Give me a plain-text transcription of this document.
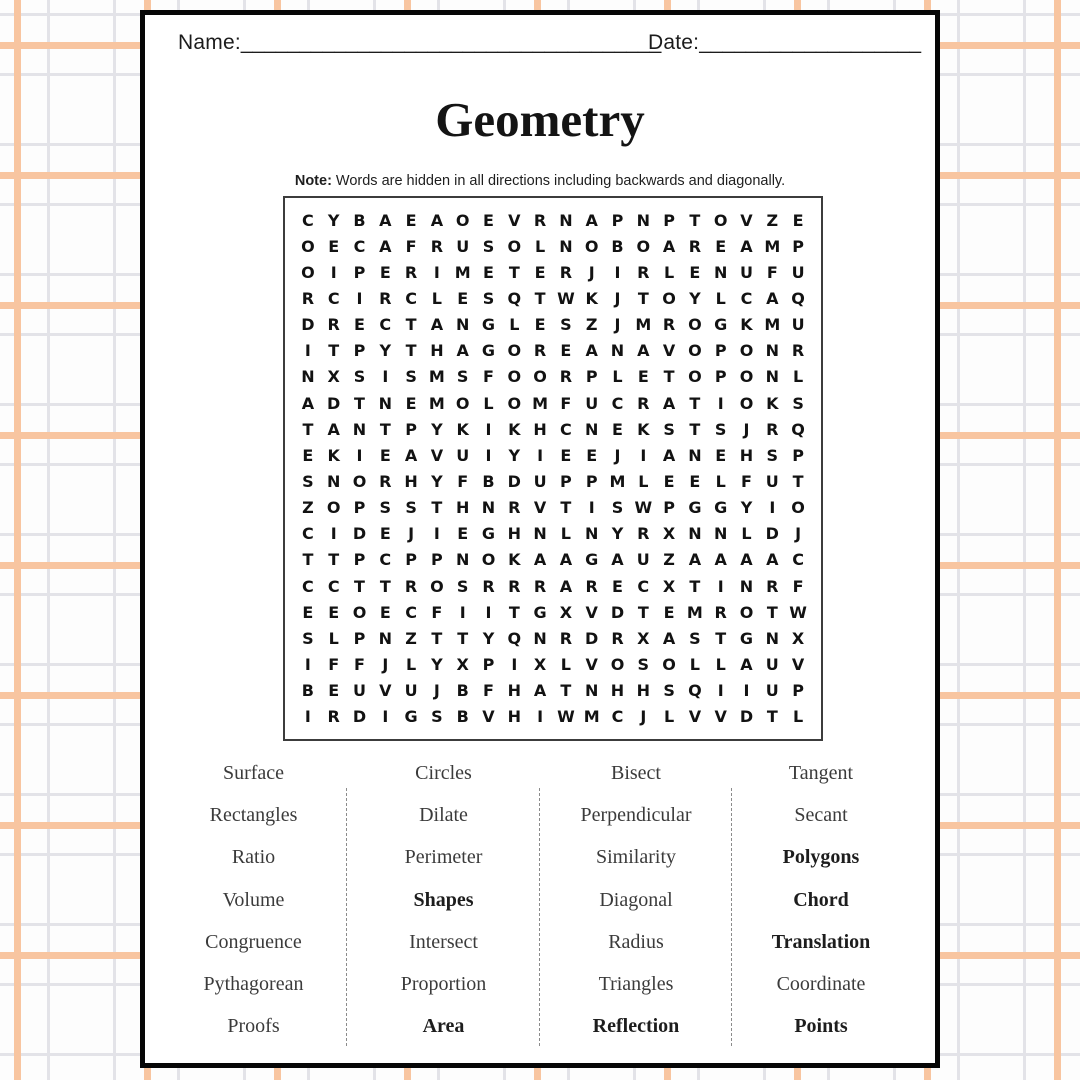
Name:____________________________________
Date:___________________
Geometry
Note: Words are hidden in all directions including backwards and diagonally.
C Y B A E A O E V R N A P N P T O V Z E
O E C A F R U S O L N O B O A R E A M P
O	I	P E R	I M E T E R	J	I	R L E N U F U
R C	I	R C L E S Q T W K	J	T O Y L C A Q
D R E C T A N G L E S Z	J M R O G K M U
I	T P Y T H A G O R E A N A V O P O N R
N X S	I	S M S F O O R P L E T O P O N L
A D T N E M O L O M F U C R A T	I	O K S
T A N T P Y K	I	K H C N E K S T S	J	R Q
E K	I	E A V U	I	Y	I	E E	J	I	A N E H S P
S N O R H Y F B D U P P M L E E L F U T
Z O P S S T H N R V T	I	S W P G G Y	I	O
C	I	D E	J	I	E G H N L N Y R X N N L D	J
T T P C P P N O K A A G A U Z A A A A C
C C T T R O S R R R A R E C X T	I	N R F
E E O E C F	I	I	T G X V D T E M R O T W
S L P N Z T T Y Q N R D R X A S T G N X
I	F F	J	L Y X P	I	X L V O S O L L A U V
B E U V U	J	B F H A T N H H S Q	I	I	U P
I	R D	I	G S B V H	I W M C	J	L V V D T L
Surface
Rectangles
Ratio
Volume
Congruence
Pythagorean
Proofs
Circles
Dilate
Perimeter
Shapes
Intersect
Proportion
Area
Bisect
Perpendicular
Similarity
Diagonal
Radius
Triangles
Reflection
Tangent
Secant
Polygons
Chord
Translation
Coordinate
Points
